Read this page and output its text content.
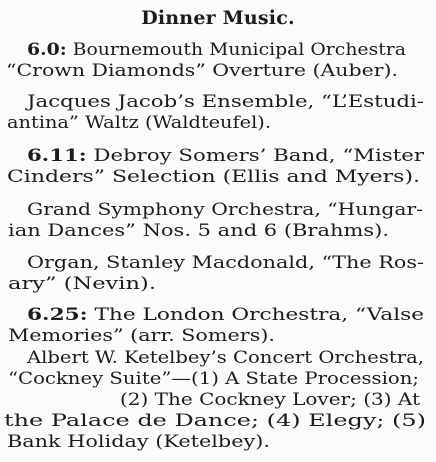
Dinner Music.
6.0: Bournemouth Municipal Orchestra
“Crown Diamonds” Overture (Auber).
Jacques Jacob’s Ensemble, “L’Estudi-
antina” Waltz (Waldteufel).
6.11: Debroy Somers’ Band, “Mister
Cinders” Selection (Ellis and Myers).
Grand Symphony Orchestra, “Hungar-
ian Dances” Nos. 5 and 6 (Brahms).
Organ, Stanley Macdonald, “The Ros-
ary” (Nevin).
6.25: The London Orchestra, “Valse
Memories” (arr. Somers).
Albert W. Ketelbey’s Concert Orchestra,
“Cockney Suite”—(1) A State Procession;
(2) The Cockney Lover; (3) At
the Palace de Dance; (4) Elegy; (5)
Bank Holiday (Ketelbey).
